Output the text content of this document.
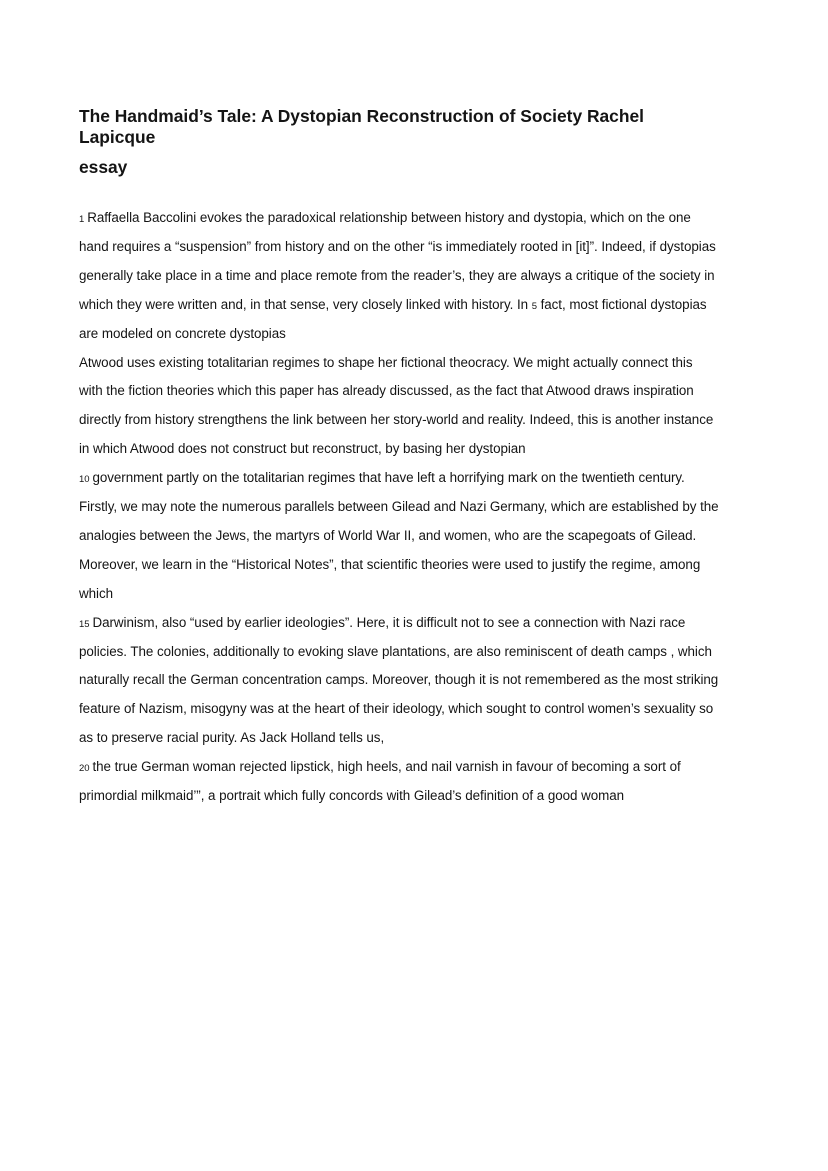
The Handmaid’s Tale: A Dystopian Reconstruction of Society Rachel Lapicque
essay
1 Raffaella Baccolini evokes the paradoxical relationship between history and dystopia, which on the one
hand requires a “suspension” from history and on the other “is immediately rooted in [it]”. Indeed, if dystopias
generally take place in a time and place remote from the reader’s, they are always a critique of the society in
which they were written and, in that sense, very closely linked with history. In 5 fact, most fictional dystopias
are modeled on concrete dystopias
Atwood uses existing totalitarian regimes to shape her fictional theocracy. We might actually connect this
with the fiction theories which this paper has already discussed, as the fact that Atwood draws inspiration
directly from history strengthens the link between her story-world and reality. Indeed, this is another instance
in which Atwood does not construct but reconstruct, by basing her dystopian
10 government partly on the totalitarian regimes that have left a horrifying mark on the twentieth century.
Firstly, we may note the numerous parallels between Gilead and Nazi Germany, which are established by the
analogies between the Jews, the martyrs of World War II, and women, who are the scapegoats of Gilead.
Moreover, we learn in the “Historical Notes”, that scientific theories were used to justify the regime, among
which
15 Darwinism, also “used by earlier ideologies”. Here, it is difficult not to see a connection with Nazi race
policies. The colonies, additionally to evoking slave plantations, are also reminiscent of death camps , which
naturally recall the German concentration camps. Moreover, though it is not remembered as the most striking
feature of Nazism, misogyny was at the heart of their ideology, which sought to control women’s sexuality so
as to preserve racial purity. As Jack Holland tells us,
20 the true German woman rejected lipstick, high heels, and nail varnish in favour of becoming a sort of
primordial milkmaid’”, a portrait which fully concords with Gilead’s definition of a good woman
